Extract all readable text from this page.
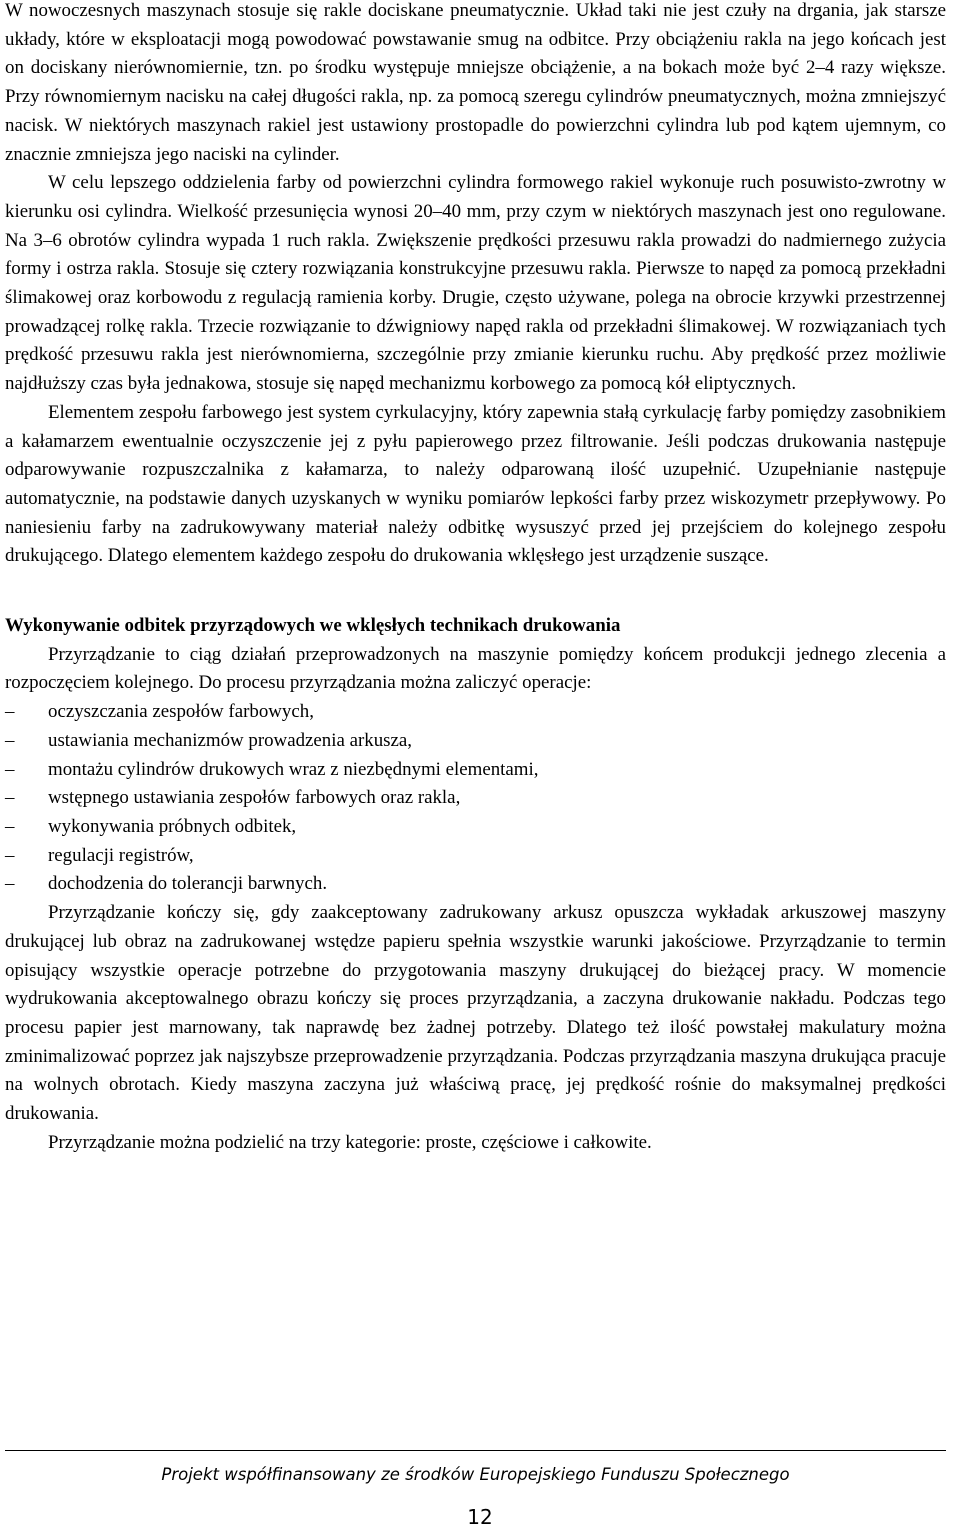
W nowoczesnych maszynach stosuje się rakle dociskane pneumatycznie. Układ taki nie jest czuły na drgania, jak starsze układy, które w eksploatacji mogą powodować powstawanie smug na odbitce. Przy obciążeniu rakla na jego końcach jest on dociskany nierównomiernie, tzn. po środku występuje mniejsze obciążenie, a na bokach może być 2–4 razy większe. Przy równomiernym nacisku na całej długości rakla, np. za pomocą szeregu cylindrów pneumatycznych, można zmniejszyć nacisk. W niektórych maszynach rakiel jest ustawiony prostopadle do powierzchni cylindra lub pod kątem ujemnym, co znacznie zmniejsza jego naciski na cylinder.

W celu lepszego oddzielenia farby od powierzchni cylindra formowego rakiel wykonuje ruch posuwisto-zwrotny w kierunku osi cylindra. Wielkość przesunięcia wynosi 20–40 mm, przy czym w niektórych maszynach jest ono regulowane. Na 3–6 obrotów cylindra wypada 1 ruch rakla. Zwiększenie prędkości przesuwu rakla prowadzi do nadmiernego zużycia formy i ostrza rakla. Stosuje się cztery rozwiązania konstrukcyjne przesuwu rakla. Pierwsze to napęd za pomocą przekładni ślimakowej oraz korbowodu z regulacją ramienia korby. Drugie, często używane, polega na obrocie krzywki przestrzennej prowadzącej rolkę rakla. Trzecie rozwiązanie to dźwigniowy napęd rakla od przekładni ślimakowej. W rozwiązaniach tych prędkość przesuwu rakla jest nierównomierna, szczególnie przy zmianie kierunku ruchu. Aby prędkość przez możliwie najdłuższy czas była jednakowa, stosuje się napęd mechanizmu korbowego za pomocą kół eliptycznych.

Elementem zespołu farbowego jest system cyrkulacyjny, który zapewnia stałą cyrkulację farby pomiędzy zasobnikiem a kałamarzem ewentualnie oczyszczenie jej z pyłu papierowego przez filtrowanie. Jeśli podczas drukowania następuje odparowywanie rozpuszczalnika z kałamarza, to należy odparowaną ilość uzupełnić. Uzupełnianie następuje automatycznie, na podstawie danych uzyskanych w wyniku pomiarów lepkości farby przez wiskozymetr przepływowy. Po naniesieniu farby na zadrukowywany materiał należy odbitkę wysuszyć przed jej przejściem do kolejnego zespołu drukującego. Dlatego elementem każdego zespołu do drukowania wklęsłego jest urządzenie suszące.

Wykonywanie odbitek przyrządowych we wklęsłych technikach drukowania

Przyrządzanie to ciąg działań przeprowadzonych na maszynie pomiędzy końcem produkcji jednego zlecenia a rozpoczęciem kolejnego. Do procesu przyrządzania można zaliczyć operacje:

–	oczyszczania zespołów farbowych,
–	ustawiania mechanizmów prowadzenia arkusza,
–	montażu cylindrów drukowych wraz z niezbędnymi elementami,
–	wstępnego ustawiania zespołów farbowych oraz rakla,
–	wykonywania próbnych odbitek,
–	regulacji registrów,
–	dochodzenia do tolerancji barwnych.

Przyrządzanie kończy się, gdy zaakceptowany zadrukowany arkusz opuszcza wykładak arkuszowej maszyny drukującej lub obraz na zadrukowanej wstędze papieru spełnia wszystkie warunki jakościowe. Przyrządzanie to termin opisujący wszystkie operacje potrzebne do przygotowania maszyny drukującej do bieżącej pracy. W momencie wydrukowania akceptowalnego obrazu kończy się proces przyrządzania, a zaczyna drukowanie nakładu. Podczas tego procesu papier jest marnowany, tak naprawdę bez żadnej potrzeby. Dlatego też ilość powstałej makulatury można zminimalizować poprzez jak najszybsze przeprowadzenie przyrządzania. Podczas przyrządzania maszyna drukująca pracuje na wolnych obrotach. Kiedy maszyna zaczyna już właściwą pracę, jej prędkość rośnie do maksymalnej prędkości drukowania.

Przyrządzanie można podzielić na trzy kategorie: proste, częściowe i całkowite.

Projekt współfinansowany ze środków Europejskiego Funduszu Społecznego
12
